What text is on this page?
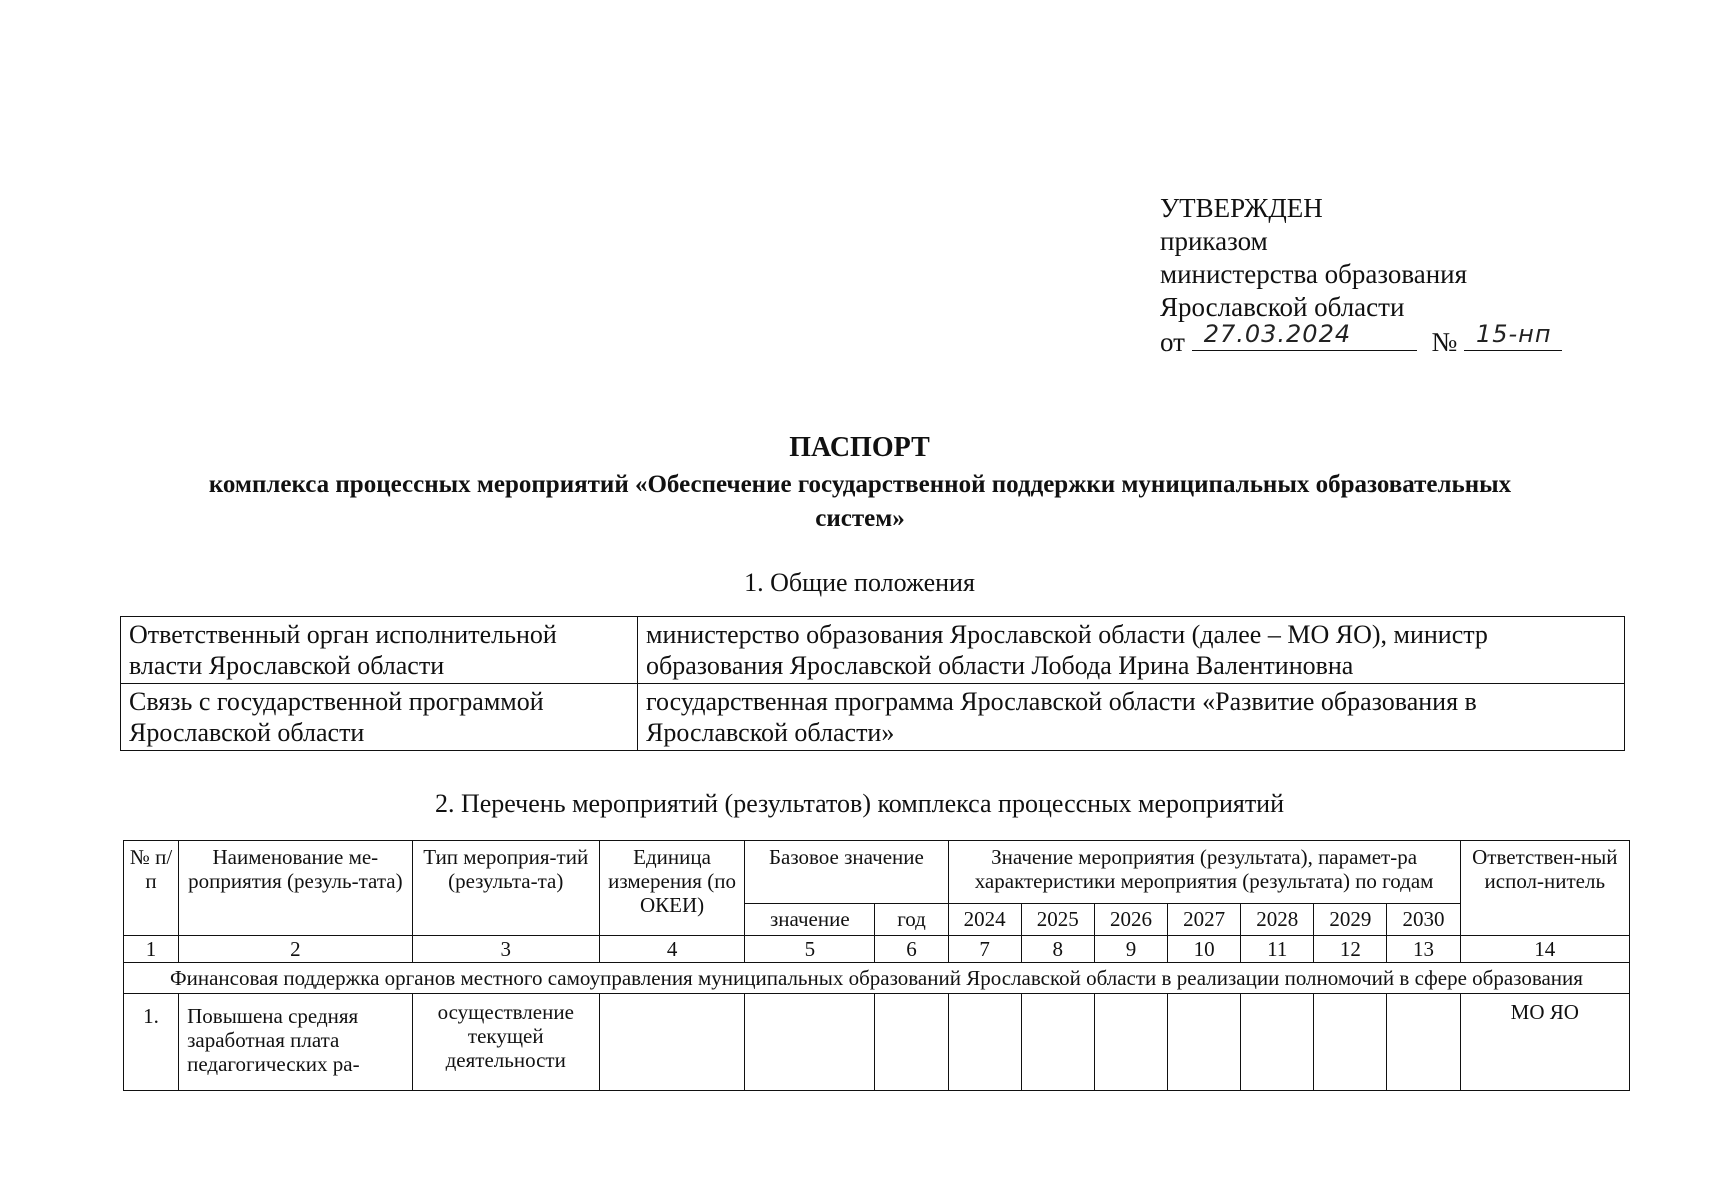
УТВЕРЖДЕН
приказом
министерства образования
Ярославской области
от 27.03.2024	№ 15-нп
ПАСПОРТ
комплекса процессных мероприятий «Обеспечение государственной поддержки муниципальных образовательных систем»
1. Общие положения
Ответственный орган исполнительной власти Ярославской области	министерство образования Ярославской области (далее – МО ЯО), министр образования Ярославской области Лобода Ирина Валентиновна
Связь с государственной программой Ярославской области	государственная программа Ярославской области «Развитие образования в Ярославской области»
2. Перечень мероприятий (результатов) комплекса процессных мероприятий
№ п/п	Наименование ме-роприятия (резуль-тата)	Тип мероприя-тий (результа-та)	Единица измерения (по ОКЕИ)	Базовое значение		Значение мероприятия (результата), парамет-ра характеристики мероприятия (результата) по годам							Ответствен-ный испол-нитель
				значение	год	2024	2025	2026	2027	2028	2029	2030	
1	2	3	4	5	6	7	8	9	10	11	12	13	14
Финансовая поддержка органов местного самоуправления муниципальных образований Ярославской области в реализации полномочий в сфере образования													
1.	Повышена средняя заработная плата педагогических ра-	осуществление текущей деятельности											МО ЯО
